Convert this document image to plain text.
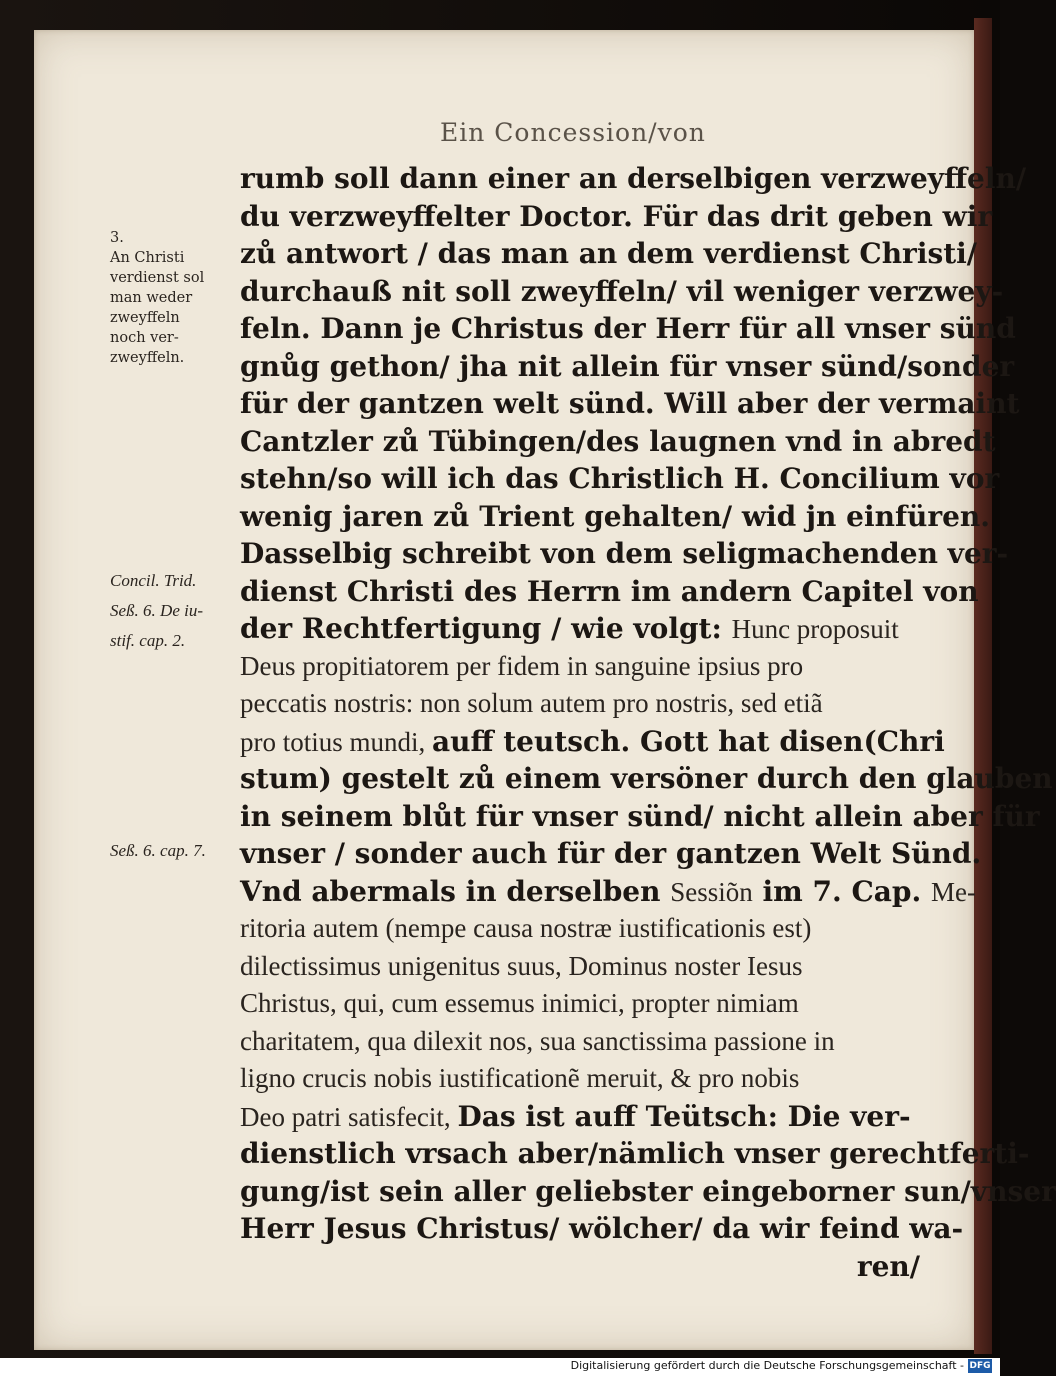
Ein Concession/von
3.
An Christi
verdienst sol
man weder
zweyffeln
noch ver-
zweyffeln.
Concil. Trid.
Seß. 6. De iu-
stif. cap. 2.
Seß. 6. cap. 7.
rumb soll dann einer an derselbigen verzweyffeln/
du verzweyffelter Doctor. Für das drit geben wir
zů antwort / das man an dem verdienst Christi/
durchauß nit soll zweyffeln/ vil weniger verzwey-
feln. Dann je Christus der Herr für all vnser sünd
gnůg gethon/ jha nit allein für vnser sünd/sonder
für der gantzen welt sünd. Will aber der vermaint
Cantzler zů Tübingen/des laugnen vnd in abredt
stehn/so will ich das Christlich H. Concilium vor
wenig jaren zů Trient gehalten/ wid jn einfüren.
Dasselbig schreibt von dem seligmachenden ver-
dienst Christi des Herrn im andern Capitel von
der Rechtfertigung / wie volgt: Hunc proposuit
Deus propitiatorem per fidem in sanguine ipsius pro
peccatis nostris: non solum autem pro nostris, sed etiã
pro totius mundi, auff teutsch. Gott hat disen(Chri
stum) gestelt zů einem versöner durch den glauben
in seinem blůt für vnser sünd/ nicht allein aber für
vnser / sonder auch für der gantzen Welt Sünd.
Vnd abermals in derselben Sessiõn im 7. Cap. Me-
ritoria autem (nempe causa nostræ iustificationis est)
dilectissimus unigenitus suus, Dominus noster Iesus
Christus, qui, cum essemus inimici, propter nimiam
charitatem, qua dilexit nos, sua sanctissima passione in
ligno crucis nobis iustificationẽ meruit, & pro nobis
Deo patri satisfecit, Das ist auff Teütsch: Die ver-
dienstlich vrsach aber/nämlich vnser gerechtferti-
gung/ist sein aller geliebster eingeborner sun/vnser
Herr Jesus Christus/ wölcher/ da wir feind wa-
ren/
Digitalisierung gefördert durch die Deutsche Forschungsgemeinschaft - DFG
